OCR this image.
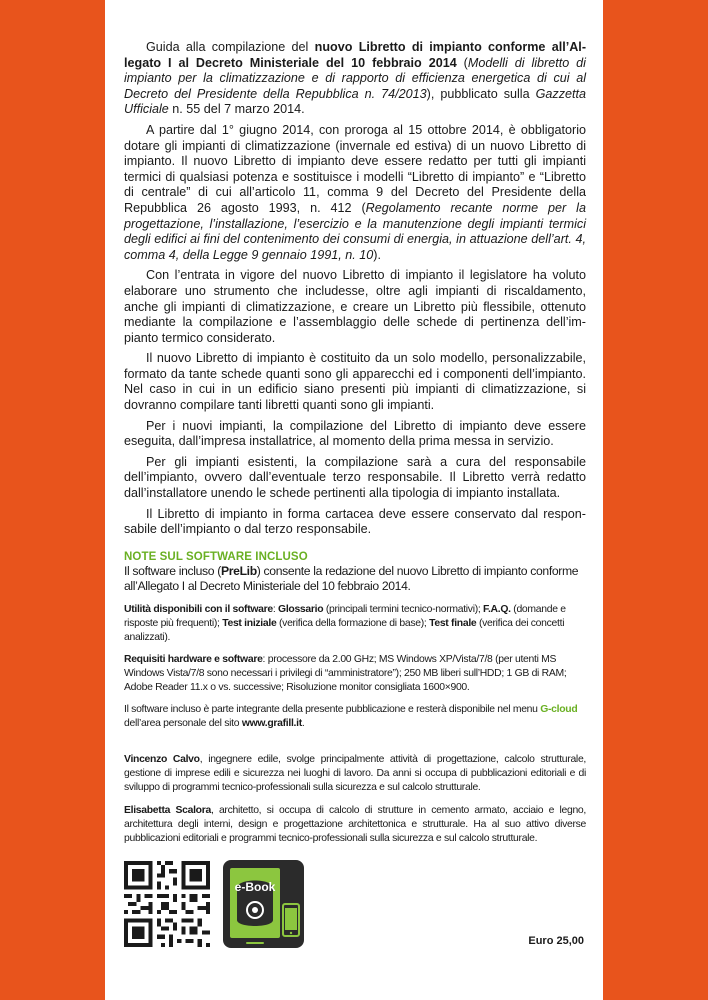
Guida alla compilazione del nuovo Libretto di impianto conforme all’Allegato I al Decreto Ministeriale del 10 febbraio 2014 (Modelli di libretto di impianto per la climatizzazione e di rapporto di efficienza energetica di cui al Decreto del Presidente della Repubblica n. 74/2013), pubblicato sulla Gazzetta Ufficiale n. 55 del 7 marzo 2014.

A partire dal 1° giugno 2014, con proroga al 15 ottobre 2014, è obbligatorio dotare gli impianti di climatizzazione (invernale ed estiva) di un nuovo Libretto di impianto. Il nuovo Libretto di impianto deve essere redatto per tutti gli impianti termici di qualsiasi potenza e sostituisce i modelli “Libretto di impianto” e “Libretto di centrale” di cui all’articolo 11, comma 9 del Decreto del Presidente della Repubblica 26 agosto 1993, n. 412 (Regolamento recante norme per la progettazione, l’installazione, l’esercizio e la manutenzione degli impianti termici degli edifici ai fini del contenimento dei consumi di energia, in attuazione dell’art. 4, comma 4, della Legge 9 gennaio 1991, n. 10).

Con l’entrata in vigore del nuovo Libretto di impianto il legislatore ha voluto elaborare uno strumento che includesse, oltre agli impianti di riscaldamento, anche gli impianti di climatizzazione, e creare un Libretto più flessibile, ottenuto mediante la compilazione e l’assemblaggio delle schede di pertinenza dell’impianto termico considerato.

Il nuovo Libretto di impianto è costituito da un solo modello, personalizzabile, formato da tante schede quanti sono gli apparecchi ed i componenti dell’impianto. Nel caso in cui in un edificio siano presenti più impianti di climatizzazione, si dovranno compilare tanti libretti quanti sono gli impianti.

Per i nuovi impianti, la compilazione del Libretto di impianto deve essere eseguita, dall’impresa installatrice, al momento della prima messa in servizio.

Per gli impianti esistenti, la compilazione sarà a cura del responsabile dell’impianto, ovvero dall’eventuale terzo responsabile. Il Libretto verrà redatto dall’installatore unendo le schede pertinenti alla tipologia di impianto installata.

Il Libretto di impianto in forma cartacea deve essere conservato dal responsabile dell’impianto o dal terzo responsabile.

NOTE SUL SOFTWARE INCLUSO

Il software incluso (PreLib) consente la redazione del nuovo Libretto di impianto conforme all’Allegato I al Decreto Ministeriale del 10 febbraio 2014.

Utilità disponibili con il software: Glossario (principali termini tecnico-normativi); F.A.Q. (domande e risposte più frequenti); Test iniziale (verifica della formazione di base); Test finale (verifica dei concetti analizzati).

Requisiti hardware e software: processore da 2.00 GHz; MS Windows XP/Vista/7/8 (per utenti MS Windows Vista/7/8 sono necessari i privilegi di “amministratore”); 250 MB liberi sull’HDD; 1 GB di RAM; Adobe Reader 11.x o vs. successive; Risoluzione monitor consigliata 1600×900.

Il software incluso è parte integrante della presente pubblicazione e resterà disponibile nel menu G-cloud dell’area personale del sito www.grafill.it.

Vincenzo Calvo, ingegnere edile, svolge principalmente attività di progettazione, calcolo strutturale, gestione di imprese edili e sicurezza nei luoghi di lavoro. Da anni si occupa di pubblicazioni editoriali e di sviluppo di programmi tecnico-professionali sulla sicurezza e sul calcolo strutturale.

Elisabetta Scalora, architetto, si occupa di calcolo di strutture in cemento armato, acciaio e legno, architettura degli interni, design e progettazione architettonica e strutturale. Ha al suo attivo diverse pubblicazioni editoriali e programmi tecnico-professionali sulla sicurezza e sul calcolo strutturale.

e-Book
Euro 25,00
